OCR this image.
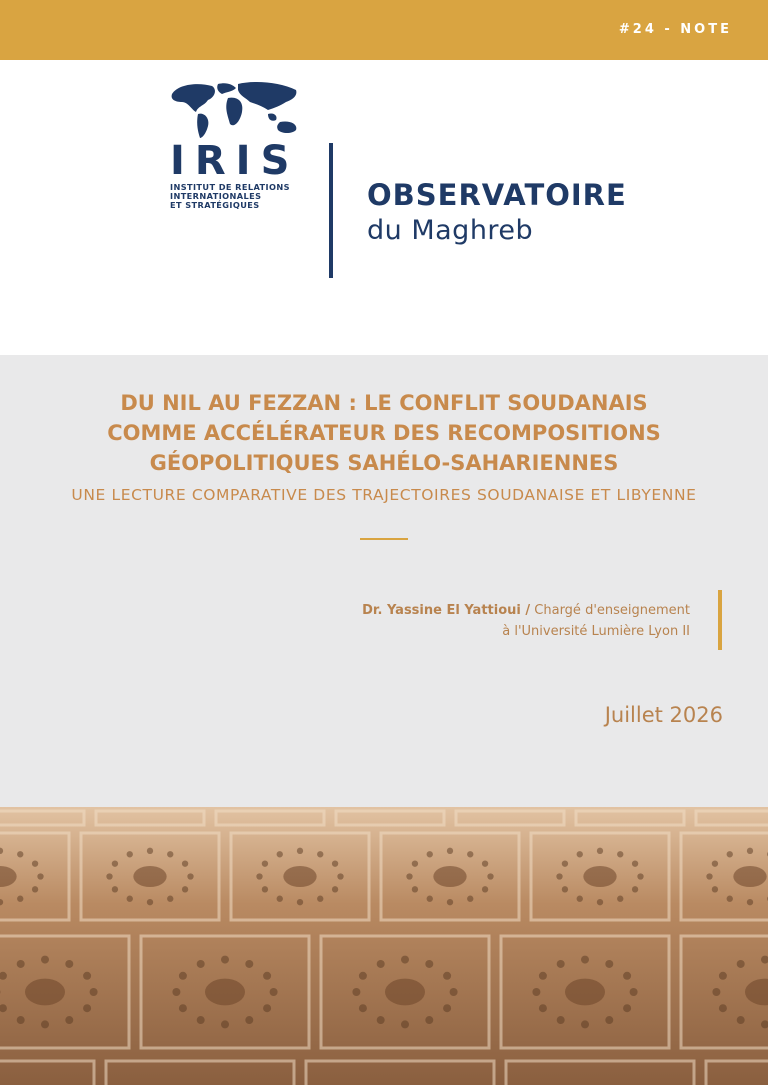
#24 - NOTE
IRIS
INSTITUT DE RELATIONS
INTERNATIONALES
ET STRATÉGIQUES	OBSERVATOIRE
du Maghreb
DU NIL AU FEZZAN : LE CONFLIT SOUDANAIS
COMME ACCÉLÉRATEUR DES RECOMPOSITIONS
GÉOPOLITIQUES SAHÉLO-SAHARIENNES
UNE LECTURE COMPARATIVE DES TRAJECTOIRES SOUDANAISE ET LIBYENNE
Dr. Yassine El Yattioui / Chargé d'enseignement
à l'Université Lumière Lyon II
Juillet 2026
